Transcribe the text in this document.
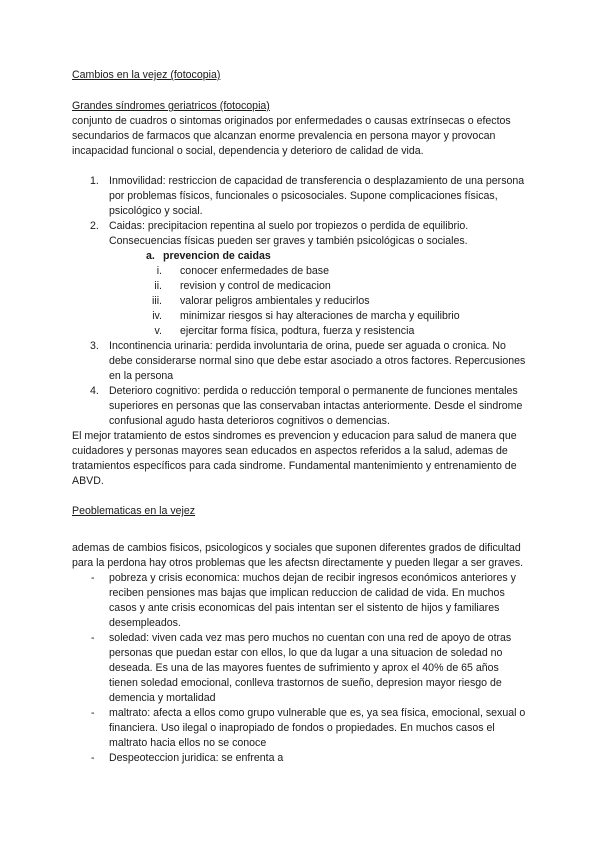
Cambios en la vejez (fotocopia)

Grandes síndromes geriatricos (fotocopia)

conjunto de cuadros o sintomas originados por enfermedades o causas extrínsecas o efectos secundarios de farmacos que alcanzan enorme prevalencia en persona mayor y provocan incapacidad funcional o social, dependencia y deterioro de calidad de vida.

1. Inmovilidad: restriccion de capacidad de transferencia o desplazamiento de una persona por problemas físicos, funcionales o psicosociales. Supone complicaciones físicas, psicológico y social.
2. Caidas: precipitacion repentina al suelo por tropiezos o perdida de equilibrio. Consecuencias físicas pueden ser graves y también psicológicas o sociales.
a. prevencion de caidas
i. conocer enfermedades de base
ii. revision y control de medicacion
iii. valorar peligros ambientales y reducirlos
iv. minimizar riesgos si hay alteraciones de marcha y equilibrio
v. ejercitar forma física, podtura, fuerza y resistencia
3. Incontinencia urinaria: perdida involuntaria de orina, puede ser aguada o cronica. No debe considerarse normal sino que debe estar asociado a otros factores. Repercusiones en la persona
4. Deterioro cognitivo: perdida o reducción temporal o permanente de funciones mentales superiores en personas que las conservaban intactas anteriormente. Desde el sindrome confusional agudo hasta deterioros cognitivos o demencias.

El mejor tratamiento de estos sindromes es prevencion y educacion para salud de manera que cuidadores y personas mayores sean educados en aspectos referidos a la salud, ademas de tratamientos específicos para cada sindrome. Fundamental mantenimiento y entrenamiento de ABVD.

Peoblematicas en la vejez

ademas de cambios fisicos, psicologicos y sociales que suponen diferentes grados de dificultad para la perdona hay otros problemas que les afectsn directamente y pueden llegar a ser graves.

- pobreza y crisis economica: muchos dejan de recibir ingresos económicos anteriores y reciben pensiones mas bajas que implican reduccion de calidad de vida. En muchos casos y ante crisis economicas del pais intentan ser el sistento de hijos y familiares desempleados.
- soledad: viven cada vez mas pero muchos no cuentan con una red de apoyo de otras personas que puedan estar con ellos, lo que da lugar a una situacion de soledad no deseada. Es una de las mayores fuentes de sufrimiento y aprox el 40% de 65 años tienen soledad emocional, conlleva trastornos de sueño, depresion mayor riesgo de demencia y mortalidad
- maltrato: afecta a ellos como grupo vulnerable que es, ya sea física, emocional, sexual o financiera. Uso ilegal o inapropiado de fondos o propiedades. En muchos casos el maltrato hacia ellos no se conoce
- Despeoteccion juridica: se enfrenta a
